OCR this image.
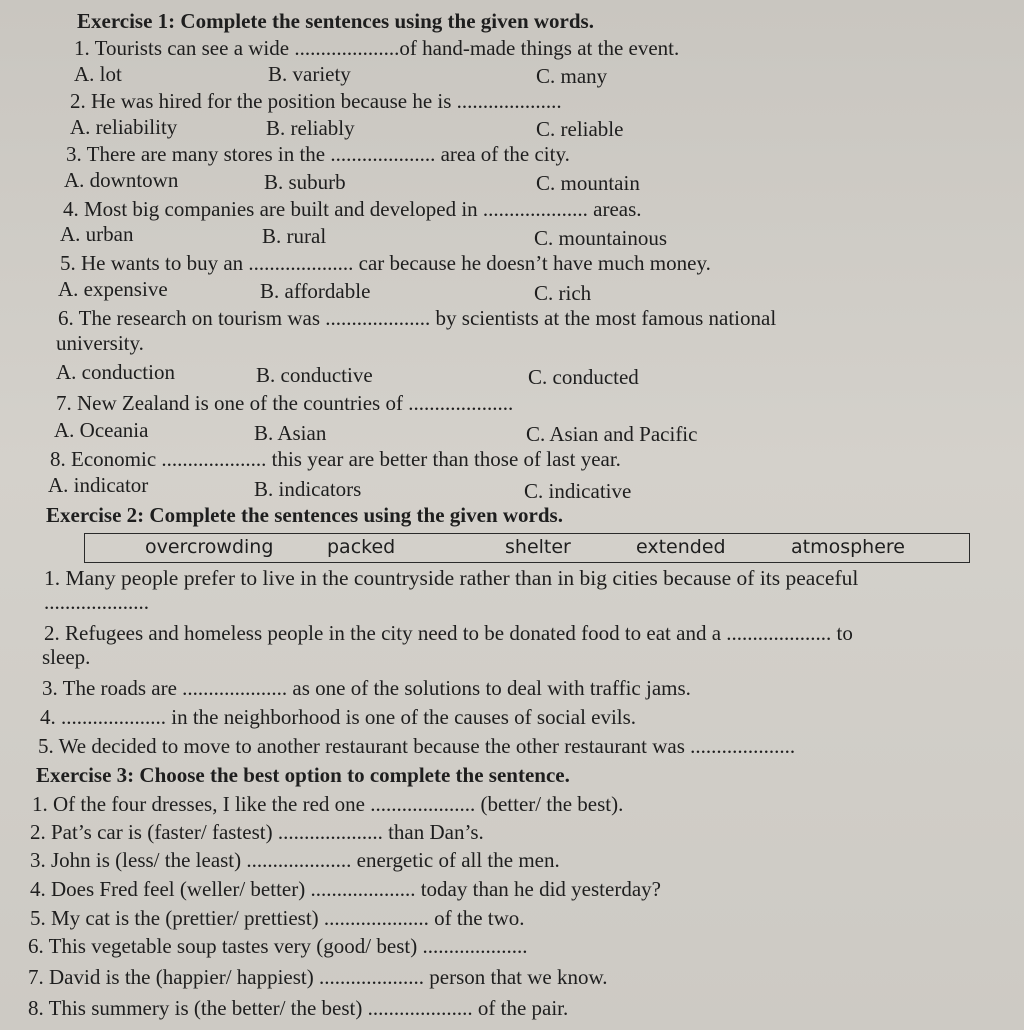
Exercise 1: Complete the sentences using the given words.
1. Tourists can see a wide ....................of hand-made things at the event.
A. lot	B. variety	C. many
2. He was hired for the position because he is ....................
A. reliability	B. reliably	C. reliable
3. There are many stores in the .................... area of the city.
A. downtown	B. suburb	C. mountain
4. Most big companies are built and developed in .................... areas.
A. urban	B. rural	C. mountainous
5. He wants to buy an .................... car because he doesn’t have much money.
A. expensive	B. affordable	C. rich
6. The research on tourism was .................... by scientists at the most famous national
university.
A. conduction	B. conductive	C. conducted
7. New Zealand is one of the countries of ....................
A. Oceania	B. Asian	C. Asian and Pacific
8. Economic .................... this year are better than those of last year.
A. indicator	B. indicators	C. indicative
Exercise 2: Complete the sentences using the given words.
overcrowding	packed	shelter	extended	atmosphere
1. Many people prefer to live in the countryside rather than in big cities because of its peaceful
....................
2. Refugees and homeless people in the city need to be donated food to eat and a .................... to
sleep.
3. The roads are .................... as one of the solutions to deal with traffic jams.
4. .................... in the neighborhood is one of the causes of social evils.
5. We decided to move to another restaurant because the other restaurant was ....................
Exercise 3: Choose the best option to complete the sentence.
1. Of the four dresses, I like the red one .................... (better/ the best).
2. Pat’s car is (faster/ fastest) .................... than Dan’s.
3. John is (less/ the least) .................... energetic of all the men.
4. Does Fred feel (weller/ better) .................... today than he did yesterday?
5. My cat is the (prettier/ prettiest) .................... of the two.
6. This vegetable soup tastes very (good/ best) ....................
7. David is the (happier/ happiest) .................... person that we know.
8. This summery is (the better/ the best) .................... of the pair.
